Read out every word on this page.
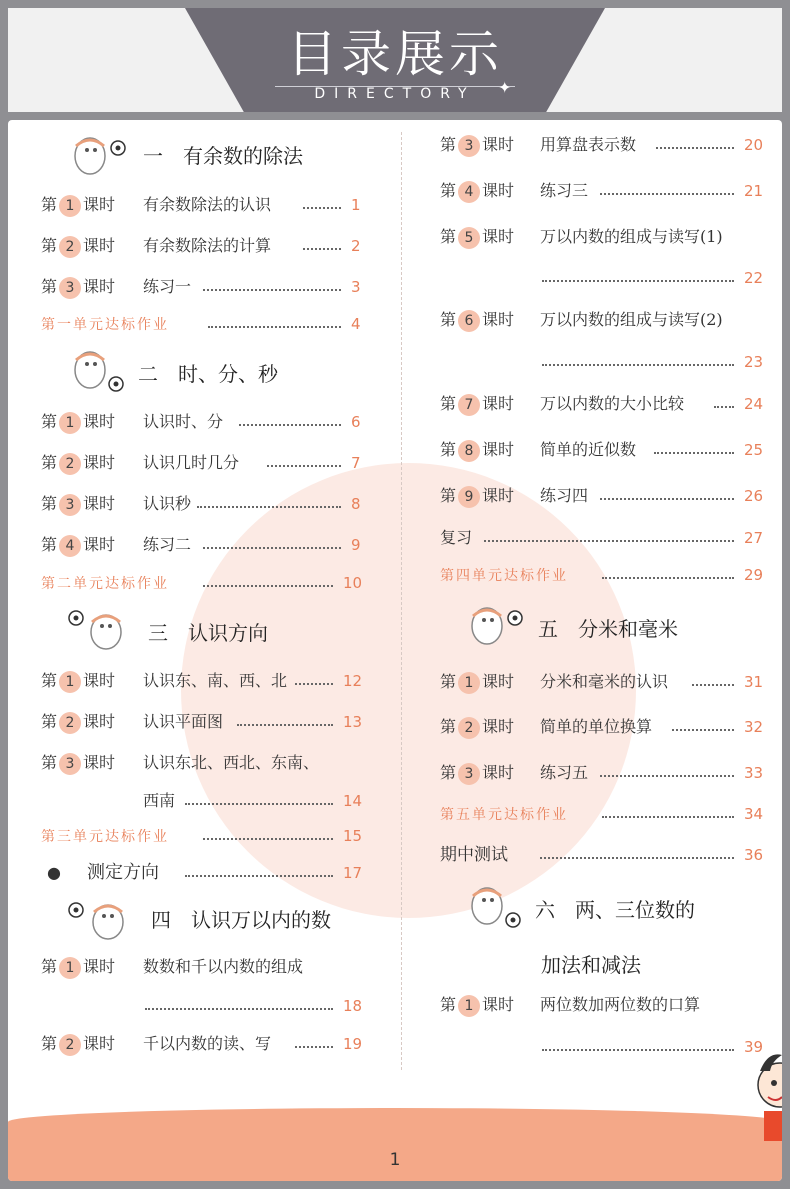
目录展示
DIRECTORY	✦
1
一　有余数的除法
二　时、分、秒
三　认识方向
四　认识万以内的数
五　分米和毫米
六　两、三位数的
加法和减法
第 1 课时 有余数除法的认识	1
第 2 课时 有余数除法的计算	2
第 3 课时 练习一	3
第一单元达标作业	4
第 1 课时 认识时、分	6
第 2 课时 认识几时几分	7
第 3 课时 认识秒	8
第 4 课时 练习二	9
第二单元达标作业	10
第 1 课时 认识东、南、西、北	12
第 2 课时 认识平面图	13
第 3 课时 认识东北、西北、东南、
西南	14
第三单元达标作业	15
● 测定方向	17
第 1 课时 数数和千以内数的组成
18
第 2 课时 千以内数的读、写	19
第 3 课时 用算盘表示数	20
第 4 课时 练习三	21
第 5 课时 万以内数的组成与读写(1)
22
第 6 课时 万以内数的组成与读写(2)
23
第 7 课时 万以内数的大小比较	24
第 8 课时 简单的近似数	25
第 9 课时 练习四	26
复习	27
第四单元达标作业	29
第 1 课时 分米和毫米的认识	31
第 2 课时 简单的单位换算	32
第 3 课时 练习五	33
第五单元达标作业	34
期中测试	36
第 1 课时 两位数加两位数的口算
39
